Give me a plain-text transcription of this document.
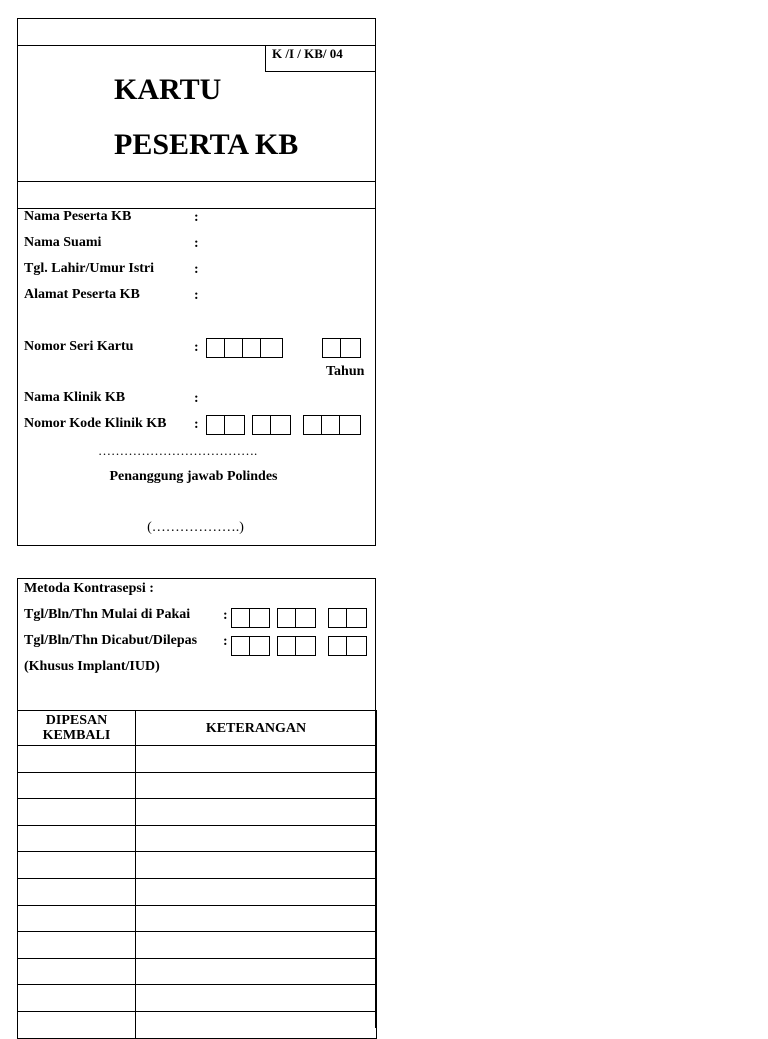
K /I / KB/ 04
KARTU
PESERTA KB
Nama Peserta KB	:
Nama Suami	:
Tgl. Lahir/Umur Istri	:
Alamat Peserta KB	:
Nomor Seri Kartu	:
Tahun
Nama Klinik KB	:
Nomor Kode Klinik KB :
……………………………….
Penanggung jawab Polindes
(……………….)
Metoda Kontrasepsi :
Tgl/Bln/Thn Mulai di Pakai :
Tgl/Bln/Thn Dicabut/Dilepas :
(Khusus Implant/IUD)
DIPESAN KEMBALI	KETERANGAN
